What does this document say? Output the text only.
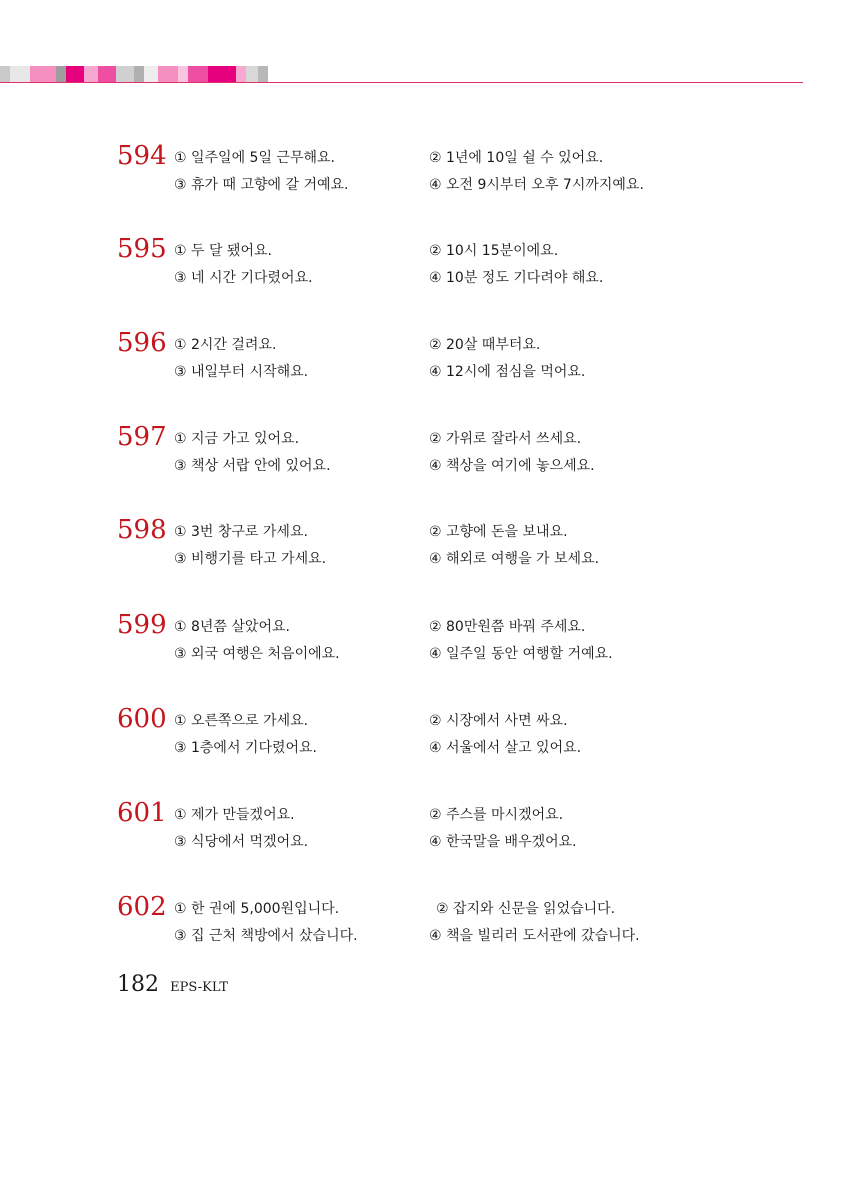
594 ① 일주일에 5일 근무해요.	② 1년에 10일 쉴 수 있어요.
③ 휴가 때 고향에 갈 거예요.	④ 오전 9시부터 오후 7시까지예요.
595 ① 두 달 됐어요.	② 10시 15분이에요.
③ 네 시간 기다렸어요.	④ 10분 정도 기다려야 해요.
596 ① 2시간 걸려요.	② 20살 때부터요.
③ 내일부터 시작해요.	④ 12시에 점심을 먹어요.
597 ① 지금 가고 있어요.	② 가위로 잘라서 쓰세요.
③ 책상 서랍 안에 있어요.	④ 책상을 여기에 놓으세요.
598 ① 3번 창구로 가세요.	② 고향에 돈을 보내요.
③ 비행기를 타고 가세요.	④ 해외로 여행을 가 보세요.
599 ① 8년쯤 살았어요.	② 80만원쯤 바꿔 주세요.
③ 외국 여행은 처음이에요.	④ 일주일 동안 여행할 거예요.
600 ① 오른쪽으로 가세요.	② 시장에서 사면 싸요.
③ 1층에서 기다렸어요.	④ 서울에서 살고 있어요.
601 ① 제가 만들겠어요.	② 주스를 마시겠어요.
③ 식당에서 먹겠어요.	④ 한국말을 배우겠어요.
602 ① 한 권에 5,000원입니다.	② 잡지와 신문을 읽었습니다.
③ 집 근처 책방에서 샀습니다.	④ 책을 빌리러 도서관에 갔습니다.
182 EPS-KLT
